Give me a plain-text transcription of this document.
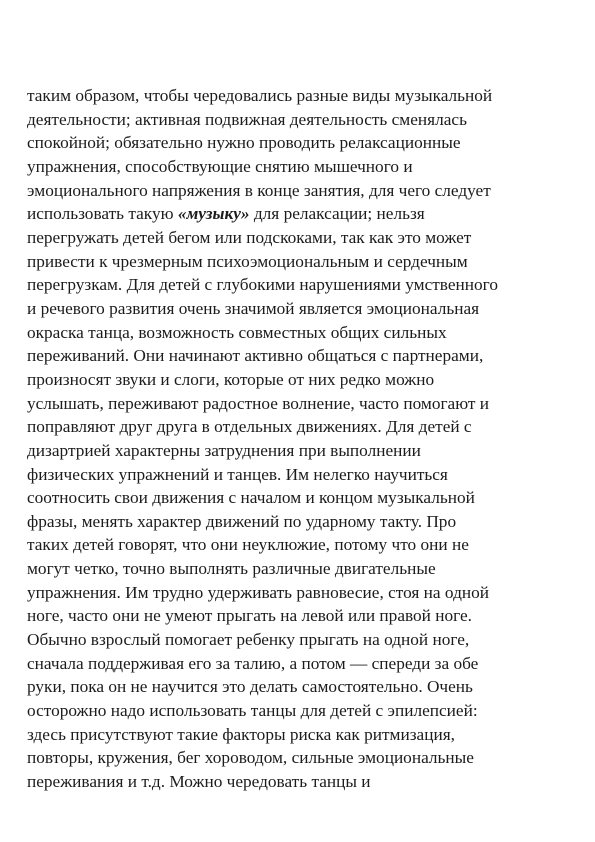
таким образом, чтобы чередовались разные виды музыкальной
деятельности; активная подвижная деятельность сменялась
спокойной; обязательно нужно проводить релаксационные
упражнения, способствующие снятию мышечного и
эмоционального напряжения в конце занятия, для чего следует
использовать такую «музыку» для релаксации; нельзя
перегружать детей бегом или подскоками, так как это может
привести к чрезмерным психоэмоциональным и сердечным
перегрузкам. Для детей с глубокими нарушениями умственного
и речевого развития очень значимой является эмоциональная
окраска танца, возможность совместных общих сильных
переживаний. Они начинают активно общаться с партнерами,
произносят звуки и слоги, которые от них редко можно
услышать, переживают радостное волнение, часто помогают и
поправляют друг друга в отдельных движениях. Для детей с
дизартрией характерны затруднения при выполнении
физических упражнений и танцев. Им нелегко научиться
соотносить свои движения с началом и концом музыкальной
фразы, менять характер движений по ударному такту. Про
таких детей говорят, что они неуклюжие, потому что они не
могут четко, точно выполнять различные двигательные
упражнения. Им трудно удерживать равновесие, стоя на одной
ноге, часто они не умеют прыгать на левой или правой ноге.
Обычно взрослый помогает ребенку прыгать на одной ноге,
сначала поддерживая его за талию, а потом — спереди за обе
руки, пока он не научится это делать самостоятельно. Очень
осторожно надо использовать танцы для детей с эпилепсией:
здесь присутствуют такие факторы риска как ритмизация,
повторы, кружения, бег хороводом, сильные эмоциональные
переживания и т.д. Можно чередовать танцы и
